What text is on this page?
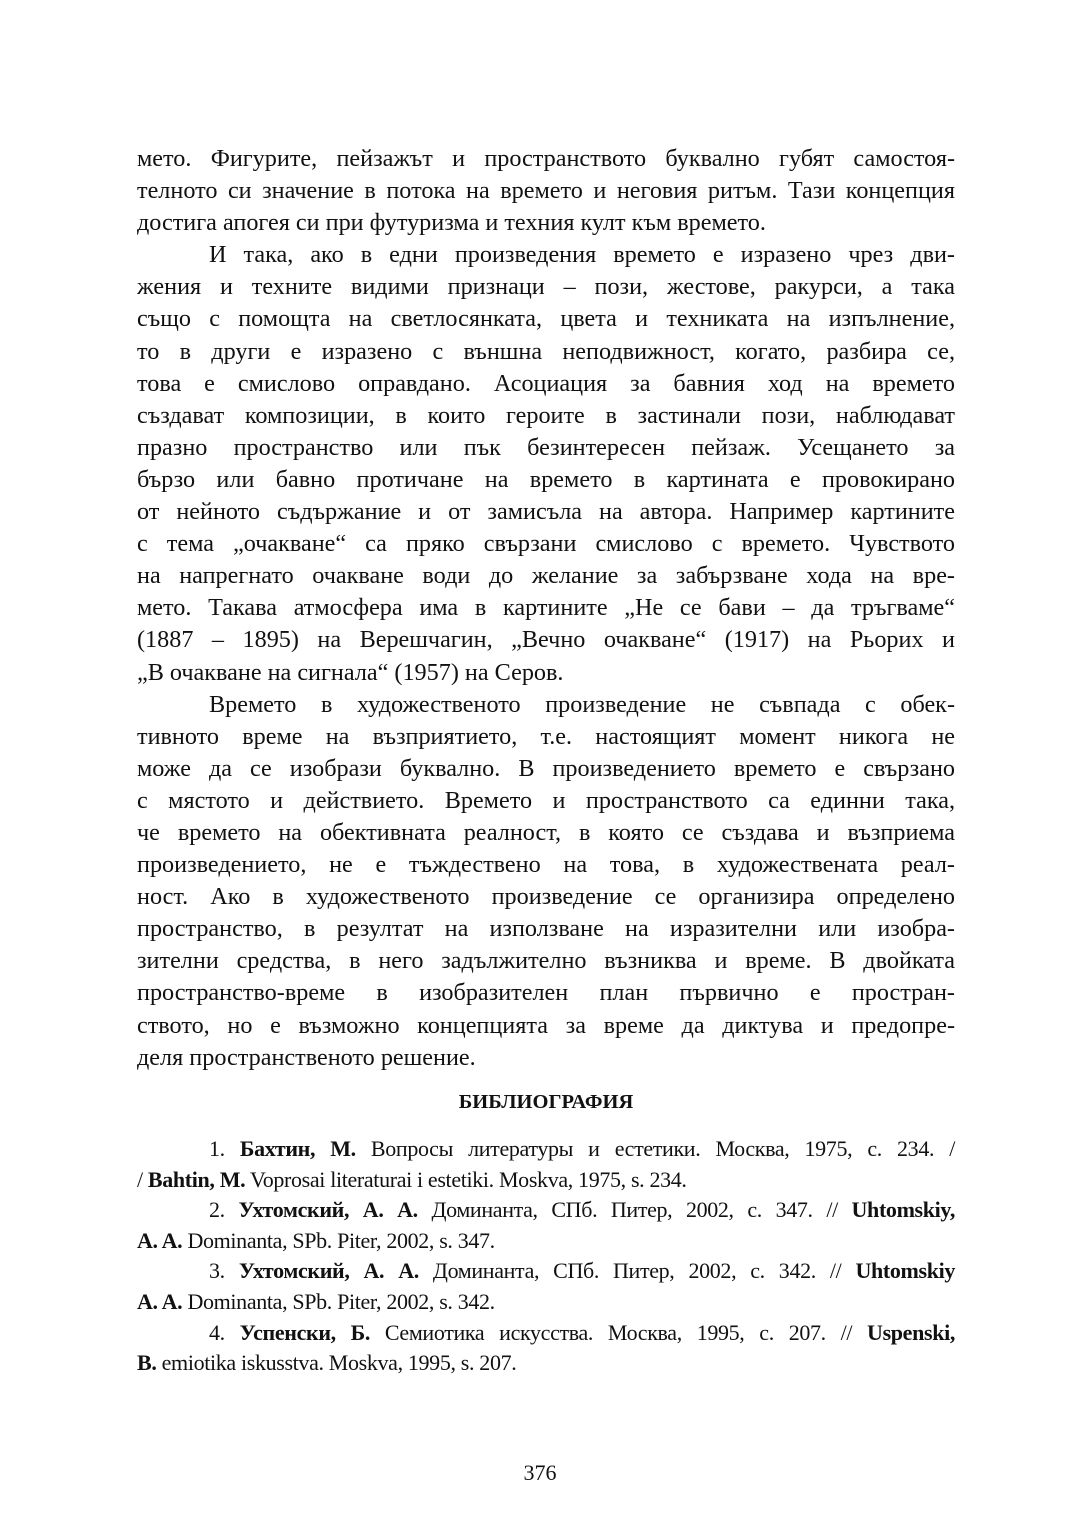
мето. Фигурите, пейзажът и пространството буквално губят самостоя-
телното си значение в потока на времето и неговия ритъм. Тази концепция
достига апогея си при футуризма и техния култ към времето.

И така, ако в едни произведения времето е изразено чрез дви-
жения и техните видими признаци – пози, жестове, ракурси, а така
също с помощта на светлосянката, цвета и техниката на изпълнение,
то в други е изразено с външна неподвижност, когато, разбира се,
това е смислово оправдано. Асоциация за бавния ход на времето
създават композиции, в които героите в застинали пози, наблюдават
празно пространство или пък безинтересен пейзаж. Усещането за
бързо или бавно протичане на времето в картината е провокирано
от нейното съдържание и от замисъла на автора. Например картините
с тема „очакване“ са пряко свързани смислово с времето. Чувството
на напрегнато очакване води до желание за забързване хода на вре-
мето. Такава атмосфера има в картините „Не се бави – да тръгваме“
(1887 – 1895) на Верешчагин, „Вечно очакване“ (1917) на Рьорих и
„В очакване на сигнала“ (1957) на Серов.

Времето в художественото произведение не съвпада с обек-
тивното време на възприятието, т.е. настоящият момент никога не
може да се изобрази буквално. В произведението времето е свързано
с мястото и действието. Времето и пространството са единни така,
че времето на обективната реалност, в която се създава и възприема
произведението, не е тъждествено на това, в художествената реал-
ност. Ако в художественото произведение се организира определено
пространство, в резултат на използване на изразителни или изобра-
зителни средства, в него задължително възниква и време. В двойката
пространство-време в изобразителен план първично е простран-
ството, но е възможно концепцията за време да диктува и предопре-
деля пространственото решение.

БИБЛИОГРАФИЯ
1. Бахтин, М. Вопросы литературы и естетики. Москва, 1975, с. 234. /
/ Bahtin, M. Voprosai literaturai i estetiki. Moskva, 1975, s. 234.
2. Ухтомский, А. А. Доминанта, СПб. Питер, 2002, с. 347. // Uhtomskiy,
A. A. Dominanta, SPb. Piter, 2002, s. 347.
3. Ухтомский, А. А. Доминанта, СПб. Питер, 2002, с. 342. // Uhtomskiy
A. A. Dominanta, SPb. Piter, 2002, s. 342.
4. Успенски, Б. Семиотика искусства. Москва, 1995, с. 207. // Uspenski,
B. emiotika iskusstva. Moskva, 1995, s. 207.
376
